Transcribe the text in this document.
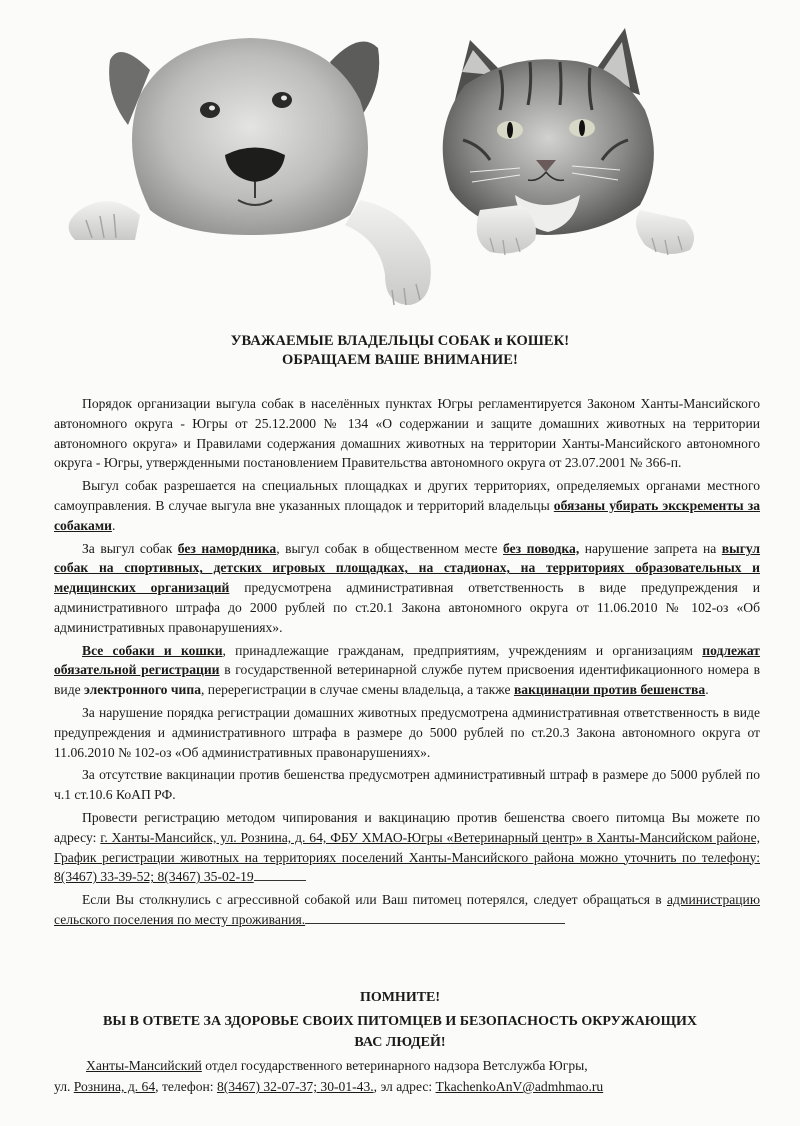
УВАЖАЕМЫЕ ВЛАДЕЛЬЦЫ СОБАК и КОШЕК!
ОБРАЩАЕМ ВАШЕ ВНИМАНИЕ!

Порядок организации выгула собак в населённых пунктах Югры регламентируется Законом Ханты-Мансийского автономного округа - Югры от 25.12.2000 № 134 «О содержании и защите домашних животных на территории автономного округа» и Правилами содержания домашних животных на территории Ханты-Мансийского автономного округа - Югры, утвержденными постановлением Правительства автономного округа от 23.07.2001 № 366-п.

Выгул собак разрешается на специальных площадках и других территориях, определяемых органами местного самоуправления. В случае выгула вне указанных площадок и территорий владельцы обязаны убирать экскременты за собаками.

За выгул собак без намордника, выгул собак в общественном месте без поводка, нарушение запрета на выгул собак на спортивных, детских игровых площадках, на стадионах, на территориях образовательных и медицинских организаций предусмотрена административная ответственность в виде предупреждения и административного штрафа до 2000 рублей по ст.20.1 Закона автономного округа от 11.06.2010 № 102-оз «Об административных правонарушениях».

Все собаки и кошки, принадлежащие гражданам, предприятиям, учреждениям и организациям подлежат обязательной регистрации в государственной ветеринарной службе путем присвоения идентификационного номера в виде электронного чипа, перерегистрации в случае смены владельца, а также вакцинации против бешенства.

За нарушение порядка регистрации домашних животных предусмотрена административная ответственность в виде предупреждения и административного штрафа в размере до 5000 рублей по ст.20.3 Закона автономного округа от 11.06.2010 № 102-оз «Об административных правонарушениях».

За отсутствие вакцинации против бешенства предусмотрен административный штраф в размере до 5000 рублей по ч.1 ст.10.6 КоАП РФ.

Провести регистрацию методом чипирования и вакцинацию против бешенства своего питомца Вы можете по адресу: г. Ханты-Мансийск, ул. Рознина, д. 64, ФБУ ХМАО-Югры «Ветеринарный центр» в Ханты-Мансийском районе, График регистрации животных на территориях поселений Ханты-Мансийского района можно уточнить по телефону: 8(3467) 33-39-52; 8(3467) 35-02-19

Если Вы столкнулись с агрессивной собакой или Ваш питомец потерялся, следует обращаться в администрацию сельского поселения по месту проживания.

ПОМНИТЕ!
ВЫ В ОТВЕТЕ ЗА ЗДОРОВЬЕ СВОИХ ПИТОМЦЕВ И БЕЗОПАСНОСТЬ ОКРУЖАЮЩИХ
ВАС ЛЮДЕЙ!
Ханты-Мансийский отдел государственного ветеринарного надзора Ветслужба Югры,
ул. Рознина, д. 64, телефон: 8(3467) 32-07-37; 30-01-43., эл адрес: TkachenkoAnV@admhmao.ru
